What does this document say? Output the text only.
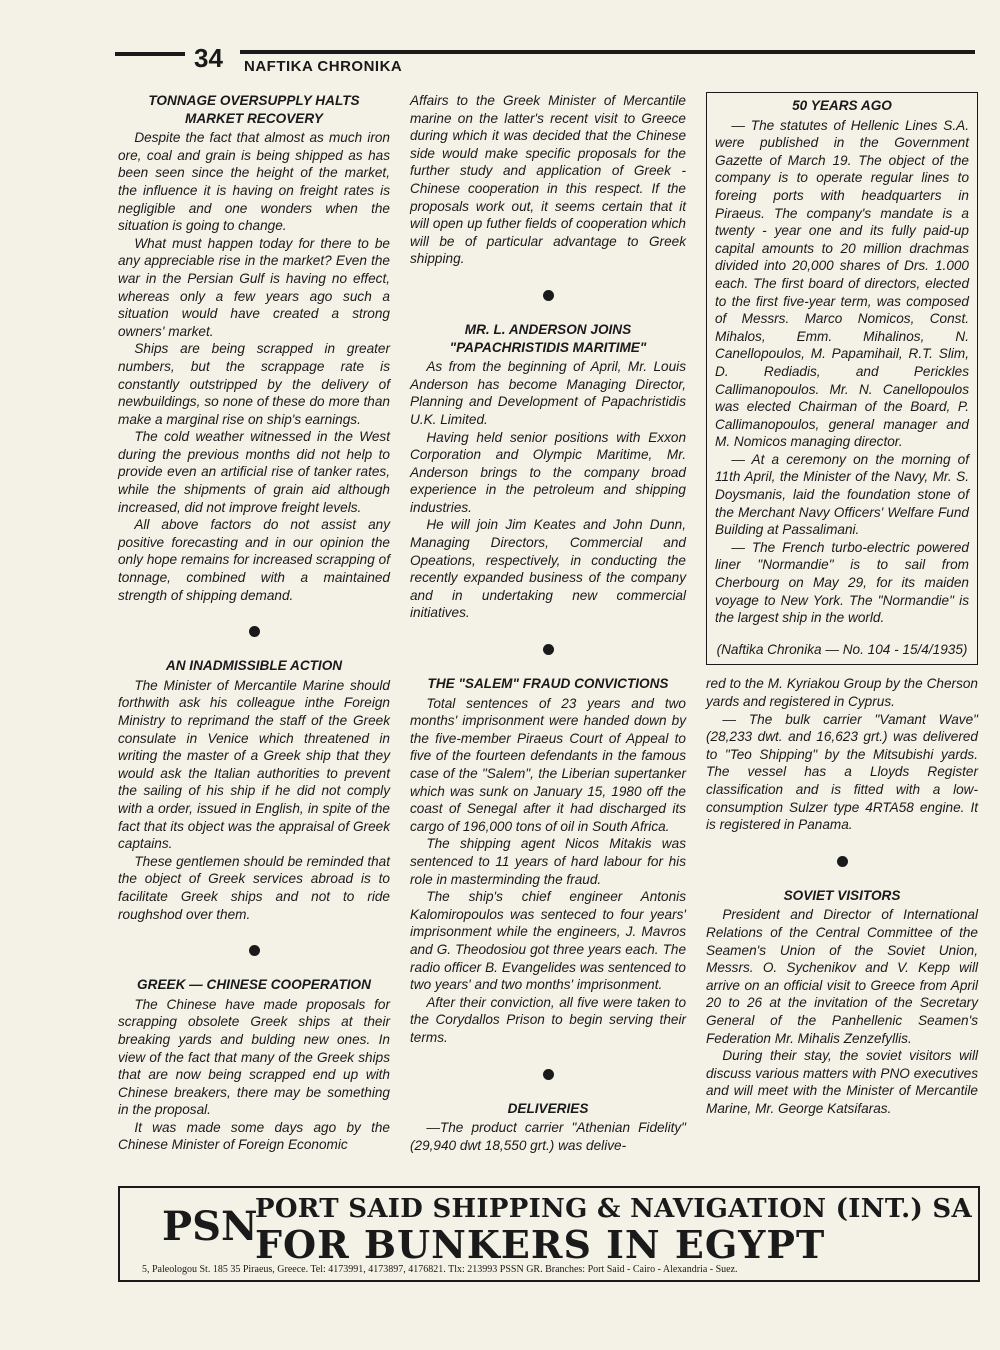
34 NAFTIKA CHRONIKA
TONNAGE OVERSUPPLY HALTS MARKET RECOVERY

Despite the fact that almost as much iron ore, coal and grain is being shipped as has been seen since the height of the market, the influence it is having on freight rates is negligible and one wonders when the situation is going to change.

What must happen today for there to be any appreciable rise in the market? Even the war in the Persian Gulf is having no effect, whereas only a few years ago such a situation would have created a strong owners' market.

Ships are being scrapped in greater numbers, but the scrappage rate is constantly outstripped by the delivery of newbuildings, so none of these do more than make a marginal rise on ship's earnings.

The cold weather witnessed in the West during the previous months did not help to provide even an artificial rise of tanker rates, while the shipments of grain aid although increased, did not improve freight levels.

All above factors do not assist any positive forecasting and in our opinion the only hope remains for increased scrapping of tonnage, combined with a maintained strength of shipping demand.

AN INADMISSIBLE ACTION

The Minister of Mercantile Marine should forthwith ask his colleague inthe Foreign Ministry to reprimand the staff of the Greek consulate in Venice which threatened in writing the master of a Greek ship that they would ask the Italian authorities to prevent the sailing of his ship if he did not comply with a order, issued in English, in spite of the fact that its object was the appraisal of Greek captains.

These gentlemen should be reminded that the object of Greek services abroad is to facilitate Greek ships and not to ride roughshod over them.

GREEK — CHINESE COOPERATION

The Chinese have made proposals for scrapping obsolete Greek ships at their breaking yards and bulding new ones. In view of the fact that many of the Greek ships that are now being scrapped end up with Chinese breakers, there may be something in the proposal.

It was made some days ago by the Chinese Minister of Foreign Economic

Affairs to the Greek Minister of Mercantile marine on the latter's recent visit to Greece during which it was decided that the Chinese side would make specific proposals for the further study and application of Greek - Chinese cooperation in this respect. If the proposals work out, it seems certain that it will open up futher fields of cooperation which will be of particular advantage to Greek shipping.

MR. L. ANDERSON JOINS "PAPACHRISTIDIS MARITIME"

As from the beginning of April, Mr. Louis Anderson has become Managing Director, Planning and Development of Papachristidis U.K. Limited.

Having held senior positions with Exxon Corporation and Olympic Maritime, Mr. Anderson brings to the company broad experience in the petroleum and shipping industries.

He will join Jim Keates and John Dunn, Managing Directors, Commercial and Opeations, respectively, in conducting the recently expanded business of the company and in undertaking new commercial initiatives.

THE "SALEM" FRAUD CONVICTIONS

Total sentences of 23 years and two months' imprisonment were handed down by the five-member Piraeus Court of Appeal to five of the fourteen defendants in the famous case of the "Salem", the Liberian supertanker which was sunk on January 15, 1980 off the coast of Senegal after it had discharged its cargo of 196,000 tons of oil in South Africa.

The shipping agent Nicos Mitakis was sentenced to 11 years of hard labour for his role in masterminding the fraud.

The ship's chief engineer Antonis Kalomiropoulos was senteced to four years' imprisonment while the engineers, J. Mavros and G. Theodosiou got three years each. The radio officer B. Evangelides was sentenced to two years' and two months' imprisonment.

After their conviction, all five were taken to the Corydallos Prison to begin serving their terms.

DELIVERIES

—The product carrier "Athenian Fidelity" (29,940 dwt 18,550 grt.) was delive-

50 YEARS AGO

— The statutes of Hellenic Lines S.A. were published in the Government Gazette of March 19. The object of the company is to operate regular lines to foreing ports with headquarters in Piraeus. The company's mandate is a twenty - year one and its fully paid-up capital amounts to 20 million drachmas divided into 20,000 shares of Drs. 1.000 each. The first board of directors, elected to the first five-year term, was composed of Messrs. Marco Nomicos, Const. Mihalos, Emm. Mihalinos, N. Canellopoulos, M. Papamihail, R.T. Slim, D. Rediadis, and Perickles Callimanopoulos. Mr. N. Canellopoulos was elected Chairman of the Board, P. Callimanopoulos, general manager and M. Nomicos managing director.

— At a ceremony on the morning of 11th April, the Minister of the Navy, Mr. S. Doysmanis, laid the foundation stone of the Merchant Navy Officers' Welfare Fund Building at Passalimani.

— The French turbo-electric powered liner "Normandie" is to sail from Cherbourg on May 29, for its maiden voyage to New York. The "Normandie" is the largest ship in the world.

(Naftika Chronika — No. 104 - 15/4/1935)

red to the M. Kyriakou Group by the Cherson yards and registered in Cyprus.

— The bulk carrier "Vamant Wave" (28,233 dwt. and 16,623 grt.) was delivered to "Teo Shipping" by the Mitsubishi yards. The vessel has a Lloyds Register classification and is fitted with a low-consumption Sulzer type 4RTA58 engine. It is registered in Panama.

SOVIET VISITORS

President and Director of International Relations of the Central Committee of the Seamen's Union of the Soviet Union, Messrs. O. Sychenikov and V. Kepp will arrive on an official visit to Greece from April 20 to 26 at the invitation of the Secretary General of the Panhellenic Seamen's Federation Mr. Mihalis Zenzefyllis.

During their stay, the soviet visitors will discuss various matters with PNO executives and will meet with the Minister of Mercantile Marine, Mr. George Katsifaras.

PSN
PORT SAID SHIPPING & NAVIGATION (INT.) SA
FOR BUNKERS IN EGYPT
5, Paleologou St. 185 35 Piraeus, Greece. Tel: 4173991, 4173897, 4176821. Tlx: 213993 PSSN GR. Branches: Port Said - Cairo - Alexandria - Suez.
